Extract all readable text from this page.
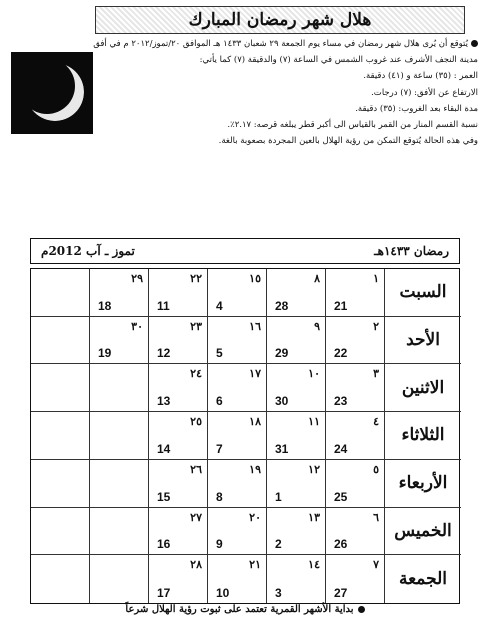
هلال شهر رمضان المبارك
يُتوقع أن يُرى هلال شهر رمضان في مساء يوم الجمعة ٢٩ شعبان ١٤٣٣ هـ الموافق ٢٠/تموز/٢٠١٢ م في أفق
مدينة النجف الأشرف عند غروب الشمس في الساعة (٧) والدقيقة (٧) كما يأتي:
العمر : (٣٥) ساعة و (٤١) دقيقة.
الارتفاع عن الأفق: (٧) درجات.
مدة البقاء بعد الغروب: (٣٥) دقيقة.
نسبة القسم المنار من القمر بالقياس الى أكبر قطر يبلغه قرصه: ٢.١٧٪.
وفي هذه الحالة يُتوقع التمكن من رؤية الهلال بالعين المجردة بصعوبة بالغة.
تموز ـ آب 2012م	رمضان ١٤٣٣هـ
٢٩
18
٢٢
11
١٥
4
٨
28
١
21
السبت
٣٠
19
٢٣
12
١٦
5
٩
29
٢
22
الأحد
٢٤
13
١٧
6
١٠
30
٣
23
الاثنين
٢٥
14
١٨
7
١١
31
٤
24
الثلاثاء
٢٦
15
١٩
8
١٢
1
٥
25
الأربعاء
٢٧
16
٢٠
9
١٣
2
٦
26
الخميس
٢٨
17
٢١
10
١٤
3
٧
27
الجمعة
بداية الأشهر القمرية تعتمد على ثبوت رؤية الهلال شرعاً
